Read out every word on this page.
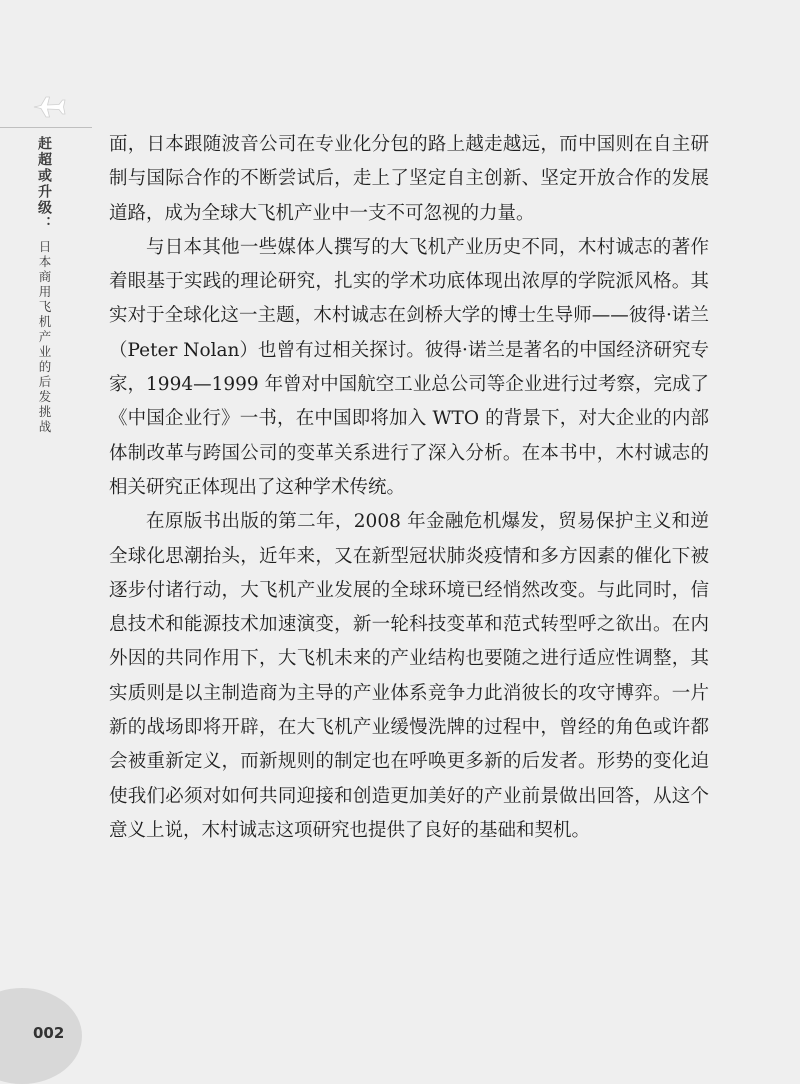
赶超或升级：
日本商用飞机产业的后发挑战

面，日本跟随波音公司在专业化分包的路上越走越远，而中国则在自主研制与国际合作的不断尝试后，走上了坚定自主创新、坚定开放合作的发展道路，成为全球大飞机产业中一支不可忽视的力量。

与日本其他一些媒体人撰写的大飞机产业历史不同，木村诚志的著作着眼基于实践的理论研究，扎实的学术功底体现出浓厚的学院派风格。其实对于全球化这一主题，木村诚志在剑桥大学的博士生导师——彼得·诺兰（Peter Nolan）也曾有过相关探讨。彼得·诺兰是著名的中国经济研究专家，1994—1999 年曾对中国航空工业总公司等企业进行过考察，完成了《中国企业行》一书，在中国即将加入 WTO 的背景下，对大企业的内部体制改革与跨国公司的变革关系进行了深入分析。在本书中，木村诚志的相关研究正体现出了这种学术传统。

在原版书出版的第二年，2008 年金融危机爆发，贸易保护主义和逆全球化思潮抬头，近年来，又在新型冠状肺炎疫情和多方因素的催化下被逐步付诸行动，大飞机产业发展的全球环境已经悄然改变。与此同时，信息技术和能源技术加速演变，新一轮科技变革和范式转型呼之欲出。在内外因的共同作用下，大飞机未来的产业结构也要随之进行适应性调整，其实质则是以主制造商为主导的产业体系竞争力此消彼长的攻守博弈。一片新的战场即将开辟，在大飞机产业缓慢洗牌的过程中，曾经的角色或许都会被重新定义，而新规则的制定也在呼唤更多新的后发者。形势的变化迫使我们必须对如何共同迎接和创造更加美好的产业前景做出回答，从这个意义上说，木村诚志这项研究也提供了良好的基础和契机。

002
